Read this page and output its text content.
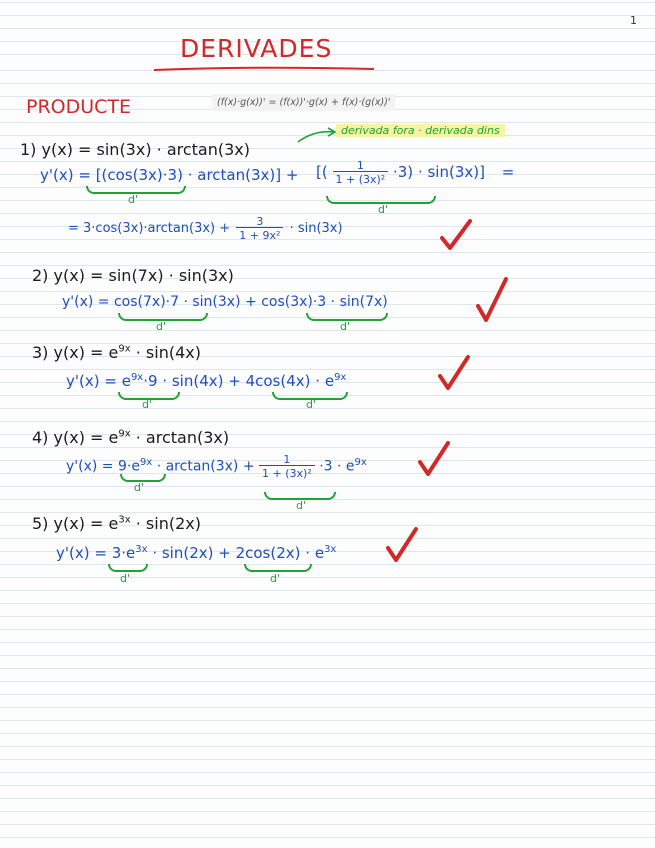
1
DERIVADES
PRODUCTE	(f(x)·g(x))' = (f(x))'·g(x) + f(x)·(g(x))'
derivada fora · derivada dins
1) y(x) = sin(3x) · arctan(3x)
y'(x) = [(cos(3x)·3) · arctan(3x)] + [( $\frac{1}{\text{1 + (3x)²}} \cdot 3) \cdot \sin(3x)$] =
d'
d'
= $3\cdot\cos(3x)\cdot\arctan(3x) + \frac{3}{\text{1 + 9x²}} \cdot \sin(3x)$
2) y(x) = sin(7x) · sin(3x)
y'(x) = cos(7x)·7 · sin(3x) + cos(3x)·3 · sin(7x)
d'	d'
3) $y(x) = e^{9x} \cdot \sin(4x)$
$y'(x) = e^{9x}\cdot 9 \cdot \sin(4x) + 4\cos(4x) \cdot e^{9x}$
d'	d'
4) $y(x) = e^{9x} \cdot \arctan(3x)$
$y'(x) = 9\cdot e^{9x} \cdot \arctan(3x) + \frac{1}{\text{1 + (3x)²}} \cdot 3 \cdot e^{9x}$
d'
d'
5) $y(x) = e^{3x} \cdot \sin(2x)$
$y'(x) = 3\cdot e^{3x} \cdot \sin(2x) + 2\cos(2x) \cdot e^{3x}$
d'	d'
